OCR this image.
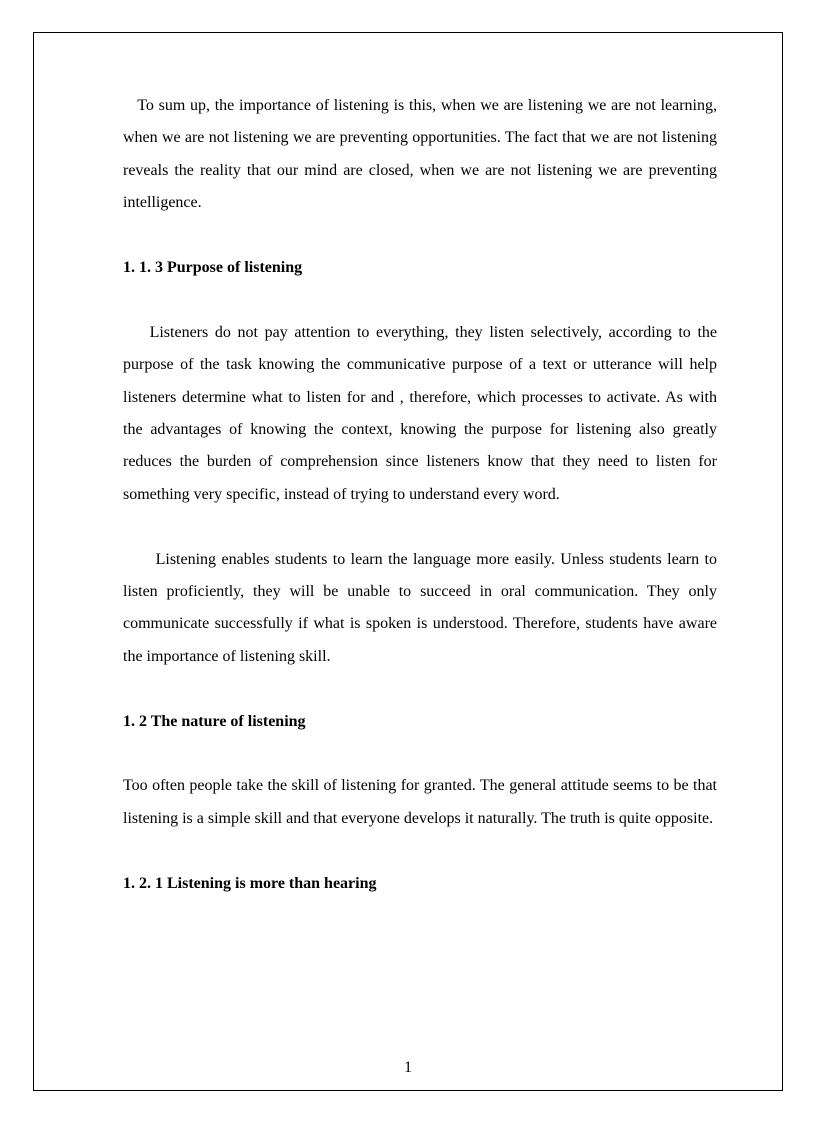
To sum up, the importance of listening is this, when we are listening we are not learning, when we are not listening we are preventing opportunities. The fact that we are not listening reveals the reality that our mind are closed, when we are not listening we are preventing intelligence.

1. 1. 3 Purpose of listening

Listeners do not pay attention to everything, they listen selectively, according to the purpose of the task knowing the communicative purpose of a text or utterance will help listeners determine what to listen for and , therefore, which processes to activate. As with the advantages of knowing the context, knowing the purpose for listening also greatly reduces the burden of comprehension since listeners know that they need to listen for something very specific, instead of trying to understand every word.

Listening enables students to learn the language more easily. Unless students learn to listen proficiently, they will be unable to succeed in oral communication. They only communicate successfully if what is spoken is understood. Therefore, students have aware the importance of listening skill.

1. 2 The nature of listening

Too often people take the skill of listening for granted. The general attitude seems to be that listening is a simple skill and that everyone develops it naturally. The truth is quite opposite.

1. 2. 1 Listening is more than hearing
1
